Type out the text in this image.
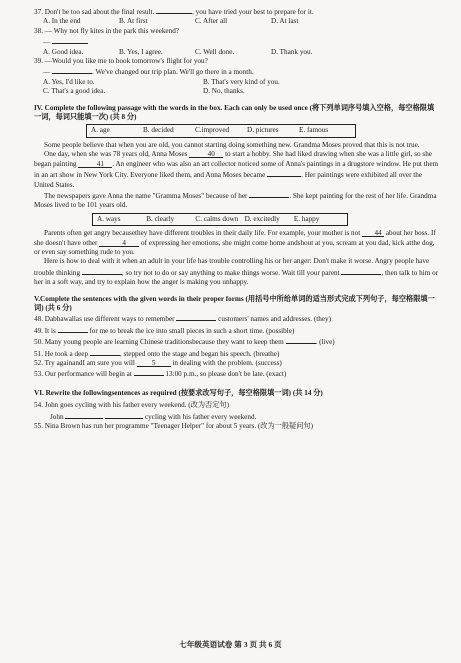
37. Don't be too sad about the final result.	, you have tried your best to prepare for it.
A. In the end	B. At first	C. After all	D. At last
38. — Why not fly kites in the park this weekend?
—
A. Good idea.	B. Yes, I agree.	C. Well done.	D. Thank you.
39. —Would you like me to book tomorrow's flight for you?
—	. We've changed our trip plan. We'll go there in a month.
A. Yes, I'd like to.	B. That's very kind of you.
C. That's a good idea.	D. No, thanks.
IV. Complete the following passage with the words in the box. Each can only be used once (将下列单词序号填入空格，每空格限填一词，每词只能填一次) (共 8 分)
A. age	B. decided	C.improved	D. pictures	E. famous

Some people believe that when you are old, you cannot starting doing something new. Grandma Moses proved that this is not true.

One day, when she was 78 years old, Anna Moses	40 to start a hobby. She had liked drawing when she was a little girl, so she began painting	41 . An engineer who was also an art collector noticed some of Anna's paintings in a drugstore window. He put them in an art show in New York City. Everyone liked them, and Anna Moses became	. Her paintings were exhibited all over the United States.

The newspapers gave Anna the name "Gramma Moses" because of her	. She kept painting for the rest of her life. Grandma Moses lived to be 101 years old.

A. ways	B. clearly	C. calms down D. excitedly	E. happy

Parents often get angry becausethey have different troubles in their daily life. For example, your mother is not 44 about her boss. If she doesn't have other	4 of expressing her emotions, she might come home andshout at you, scream at you dad, kick atthe dog, or even say something rude to you.

Here is how to deal with it when an adult in your life has trouble controlling his or her anger: Don't make it worse. Angry people have trouble thinking	, so try not to do or say anything to make things worse. Wait till your parent	, then talk to him or her in a soft way, and try to explain how the anger is making you unhappy.

V.Complete the sentences with the given words in their proper forms (用括号中所给单词的适当形式完成下列句子，每空格限填一词) (共 6 分)
48. Dabbawallas use different ways to remember	customers' names and addresses. (they)
49. It is	for me to break the ice into small pieces in such a short time. (possible)
50. Many young people are learning Chinese traditionsbecause they want to keep them	. (live)
51. He took a deep	, stepped onto the stage and began his speech. (breathe)
52. Try againandI am sure you will 5 in dealing with the problem. (success)
53. Our performance will begin at	13:00 p.m., so please don't be late. (exact)
VI. Rewrite the followingsentences as required (按要求改写句子，每空格限填一词) (共 14 分)
54. John goes cycling with his father every weekend. (改为否定句)
John	cycling with his father every weekend.
55. Nina Brown has run her programme "Teenager Helper" for about 5 years. (改为一般疑问句)
七年级英语试卷 第 3 页 共 6 页
